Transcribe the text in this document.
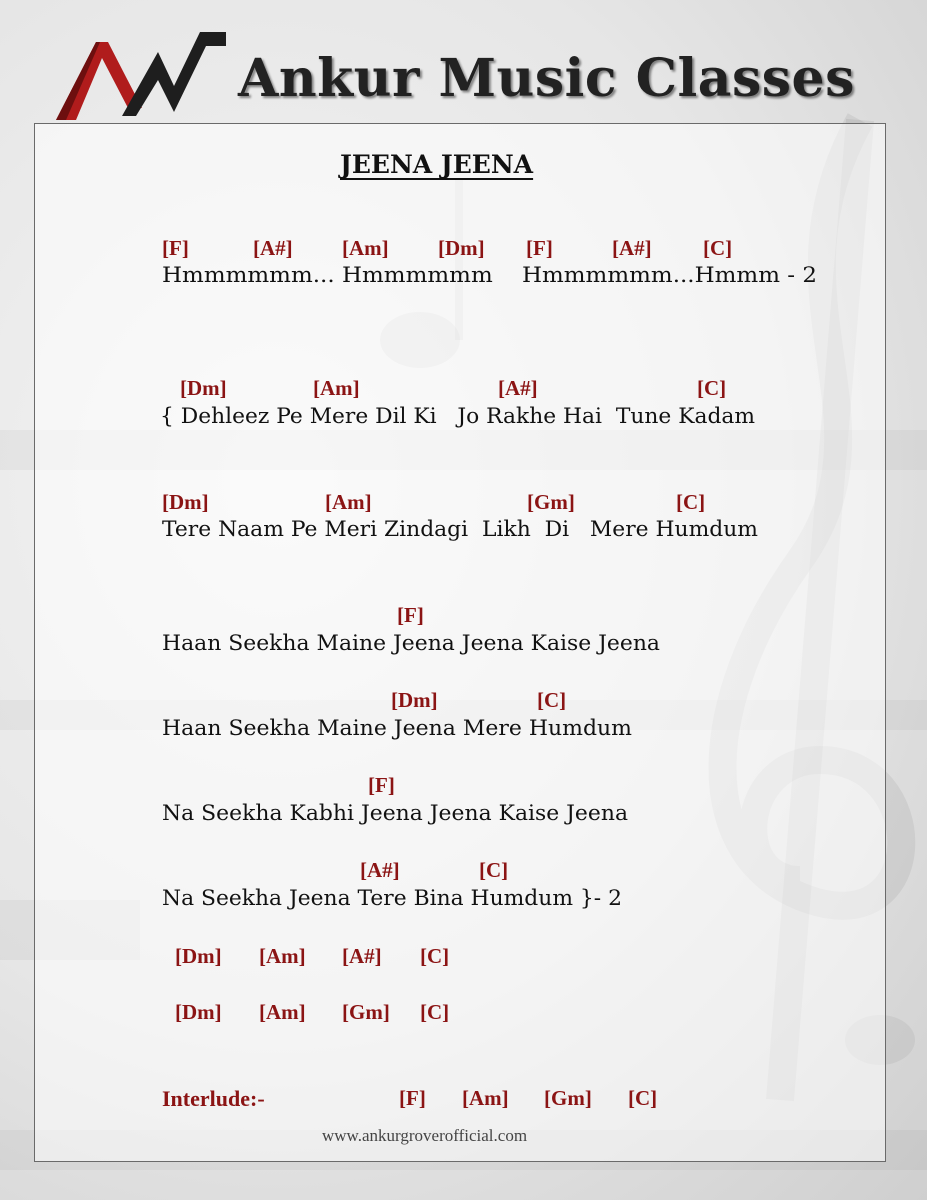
Ankur Music Classes
JEENA JEENA
[F]	[A#] [Am] [Dm] [F]	[A#] [C]
Hmmmmmm... Hmmmmmm    Hmmmmmm...Hmmm - 2
[Dm]	[Am]	[A#]	[C]
{ Dehleez Pe Mere Dil Ki   Jo Rakhe Hai  Tune Kadam
[Dm]	[Am]	[Gm]	[C]
Tere Naam Pe Meri Zindagi  Likh  Di   Mere Humdum
[F]
Haan Seekha Maine Jeena Jeena Kaise Jeena
[Dm]	[C]
Haan Seekha Maine Jeena Mere Humdum
[F]
Na Seekha Kabhi Jeena Jeena Kaise Jeena
[A#]	[C]
Na Seekha Jeena Tere Bina Humdum }- 2
[Dm] [Am] [A#] [C]
[Dm] [Am] [Gm] [C]
Interlude:-	[F] [Am] [Gm] [C]
www.ankurgroverofficial.com
